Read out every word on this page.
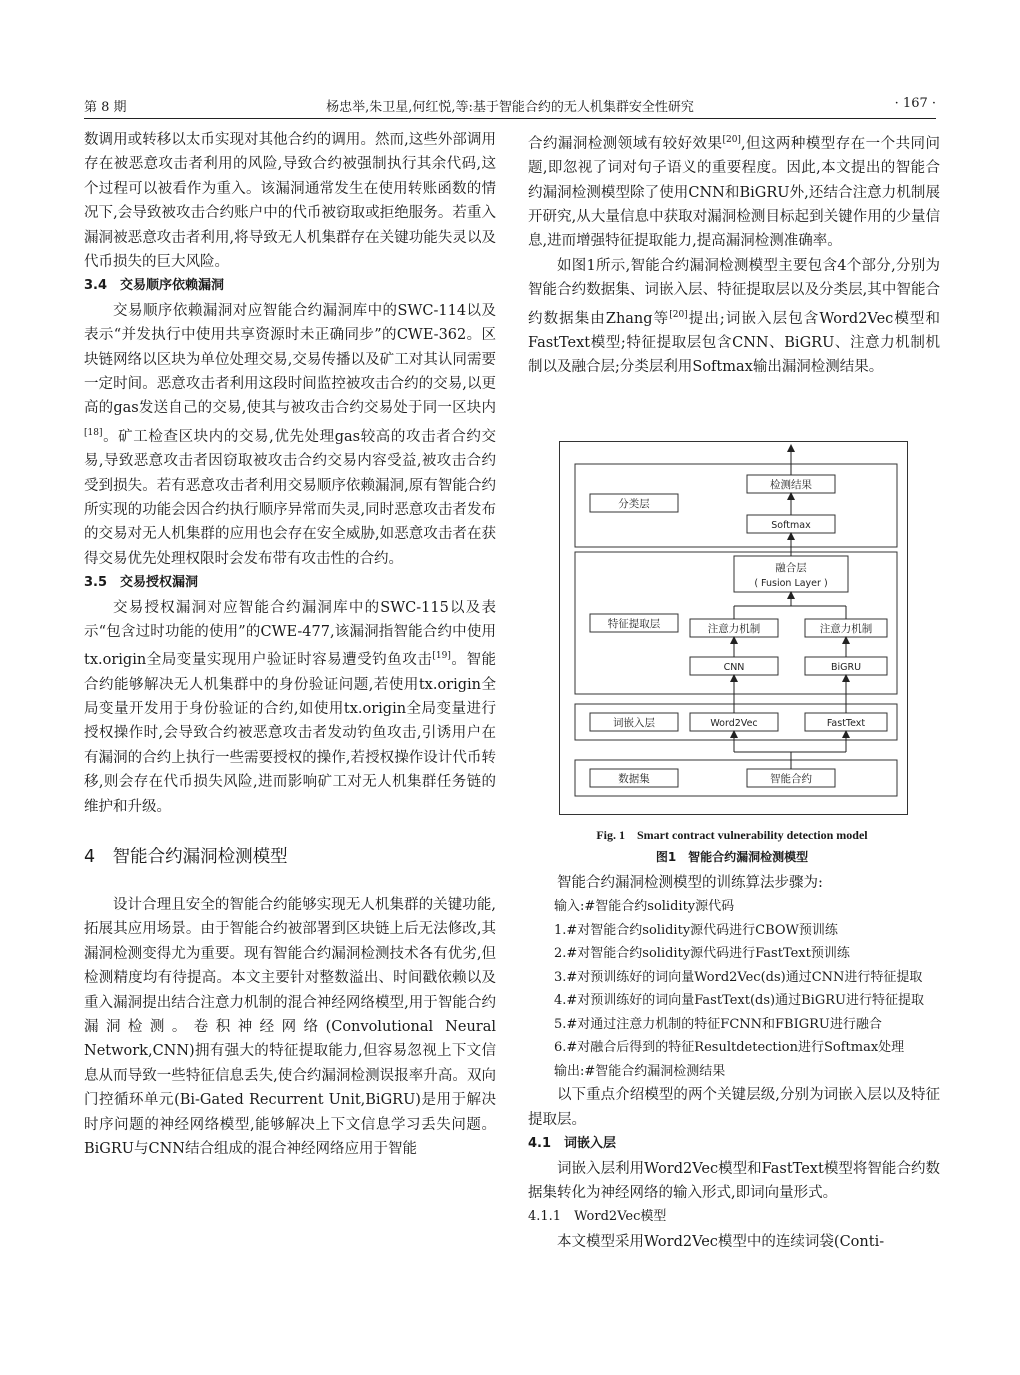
第 8 期	杨忠举,朱卫星,何红悦,等:基于智能合约的无人机集群安全性研究	· 167 ·

数调用或转移以太币实现对其他合约的调用。然而,这些外部调用存在被恶意攻击者利用的风险,导致合约被强制执行其余代码,这个过程可以被看作为重入。该漏洞通常发生在使用转账函数的情况下,会导致被攻击合约账户中的代币被窃取或拒绝服务。若重入漏洞被恶意攻击者利用,将导致无人机集群存在关键功能失灵以及代币损失的巨大风险。

3.4　交易顺序依赖漏洞

交易顺序依赖漏洞对应智能合约漏洞库中的SWC-114以及表示“并发执行中使用共享资源时未正确同步”的CWE-362。区块链网络以区块为单位处理交易,交易传播以及矿工对其认同需要一定时间。恶意攻击者利用这段时间监控被攻击合约的交易,以更高的gas发送自己的交易,使其与被攻击合约交易处于同一区块内[18]。矿工检查区块内的交易,优先处理gas较高的攻击者合约交易,导致恶意攻击者因窃取被攻击合约交易内容受益,被攻击合约受到损失。若有恶意攻击者利用交易顺序依赖漏洞,原有智能合约所实现的功能会因合约执行顺序异常而失灵,同时恶意攻击者发布的交易对无人机集群的应用也会存在安全威胁,如恶意攻击者在获得交易优先处理权限时会发布带有攻击性的合约。

3.5　交易授权漏洞

交易授权漏洞对应智能合约漏洞库中的SWC-115以及表示“包含过时功能的使用”的CWE-477,该漏洞指智能合约中使用tx.origin全局变量实现用户验证时容易遭受钓鱼攻击[19]。智能合约能够解决无人机集群中的身份验证问题,若使用tx.origin全局变量开发用于身份验证的合约,如使用tx.origin全局变量进行授权操作时,会导致合约被恶意攻击者发动钓鱼攻击,引诱用户在有漏洞的合约上执行一些需要授权的操作,若授权操作设计代币转移,则会存在代币损失风险,进而影响矿工对无人机集群任务链的维护和升级。

4　智能合约漏洞检测模型

设计合理且安全的智能合约能够实现无人机集群的关键功能,拓展其应用场景。由于智能合约被部署到区块链上后无法修改,其漏洞检测变得尤为重要。现有智能合约漏洞检测技术各有优劣,但检测精度均有待提高。本文主要针对整数溢出、时间戳依赖以及重入漏洞提出结合注意力机制的混合神经网络模型,用于智能合约漏洞检测。卷积神经网络(Convolutional Neural Network,CNN)拥有强大的特征提取能力,但容易忽视上下文信息从而导致一些特征信息丢失,使合约漏洞检测误报率升高。双向门控循环单元(Bi-Gated Recurrent Unit,BiGRU)是用于解决时序问题的神经网络模型,能够解决上下文信息学习丢失问题。BiGRU与CNN结合组成的混合神经网络应用于智能

合约漏洞检测领域有较好效果[20],但这两种模型存在一个共同问题,即忽视了词对句子语义的重要程度。因此,本文提出的智能合约漏洞检测模型除了使用CNN和BiGRU外,还结合注意力机制展开研究,从大量信息中获取对漏洞检测目标起到关键作用的少量信息,进而增强特征提取能力,提高漏洞检测准确率。

如图1所示,智能合约漏洞检测模型主要包含4个部分,分别为智能合约数据集、词嵌入层、特征提取层以及分类层,其中智能合约数据集由Zhang等[20]提出;词嵌入层包含Word2Vec模型和FastText模型;特征提取层包含CNN、BiGRU、注意力机制机制以及融合层;分类层利用Softmax输出漏洞检测结果。

分类层
检测结果
Softmax
融合层
( Fusion Layer )
特征提取层	注意力机制	注意力机制
CNN	BiGRU
词嵌入层	Word2Vec	FastText
数据集	智能合约
Fig. 1　Smart contract vulnerability detection model
图1　智能合约漏洞检测模型

智能合约漏洞检测模型的训练算法步骤为:

输入:#智能合约solidity源代码

1.#对智能合约solidity源代码进行CBOW预训练

2.#对智能合约solidity源代码进行FastText预训练

3.#对预训练好的词向量Word2Vec(ds)通过CNN进行特征提取

4.#对预训练好的词向量FastText(ds)通过BiGRU进行特征提取

5.#对通过注意力机制的特征FCNN和FBIGRU进行融合

6.#对融合后得到的特征Resultdetection进行Softmax处理

输出:#智能合约漏洞检测结果

以下重点介绍模型的两个关键层级,分别为词嵌入层以及特征提取层。

4.1　词嵌入层

词嵌入层利用Word2Vec模型和FastText模型将智能合约数据集转化为神经网络的输入形式,即词向量形式。

4.1.1　Word2Vec模型

本文模型采用Word2Vec模型中的连续词袋(Conti-
